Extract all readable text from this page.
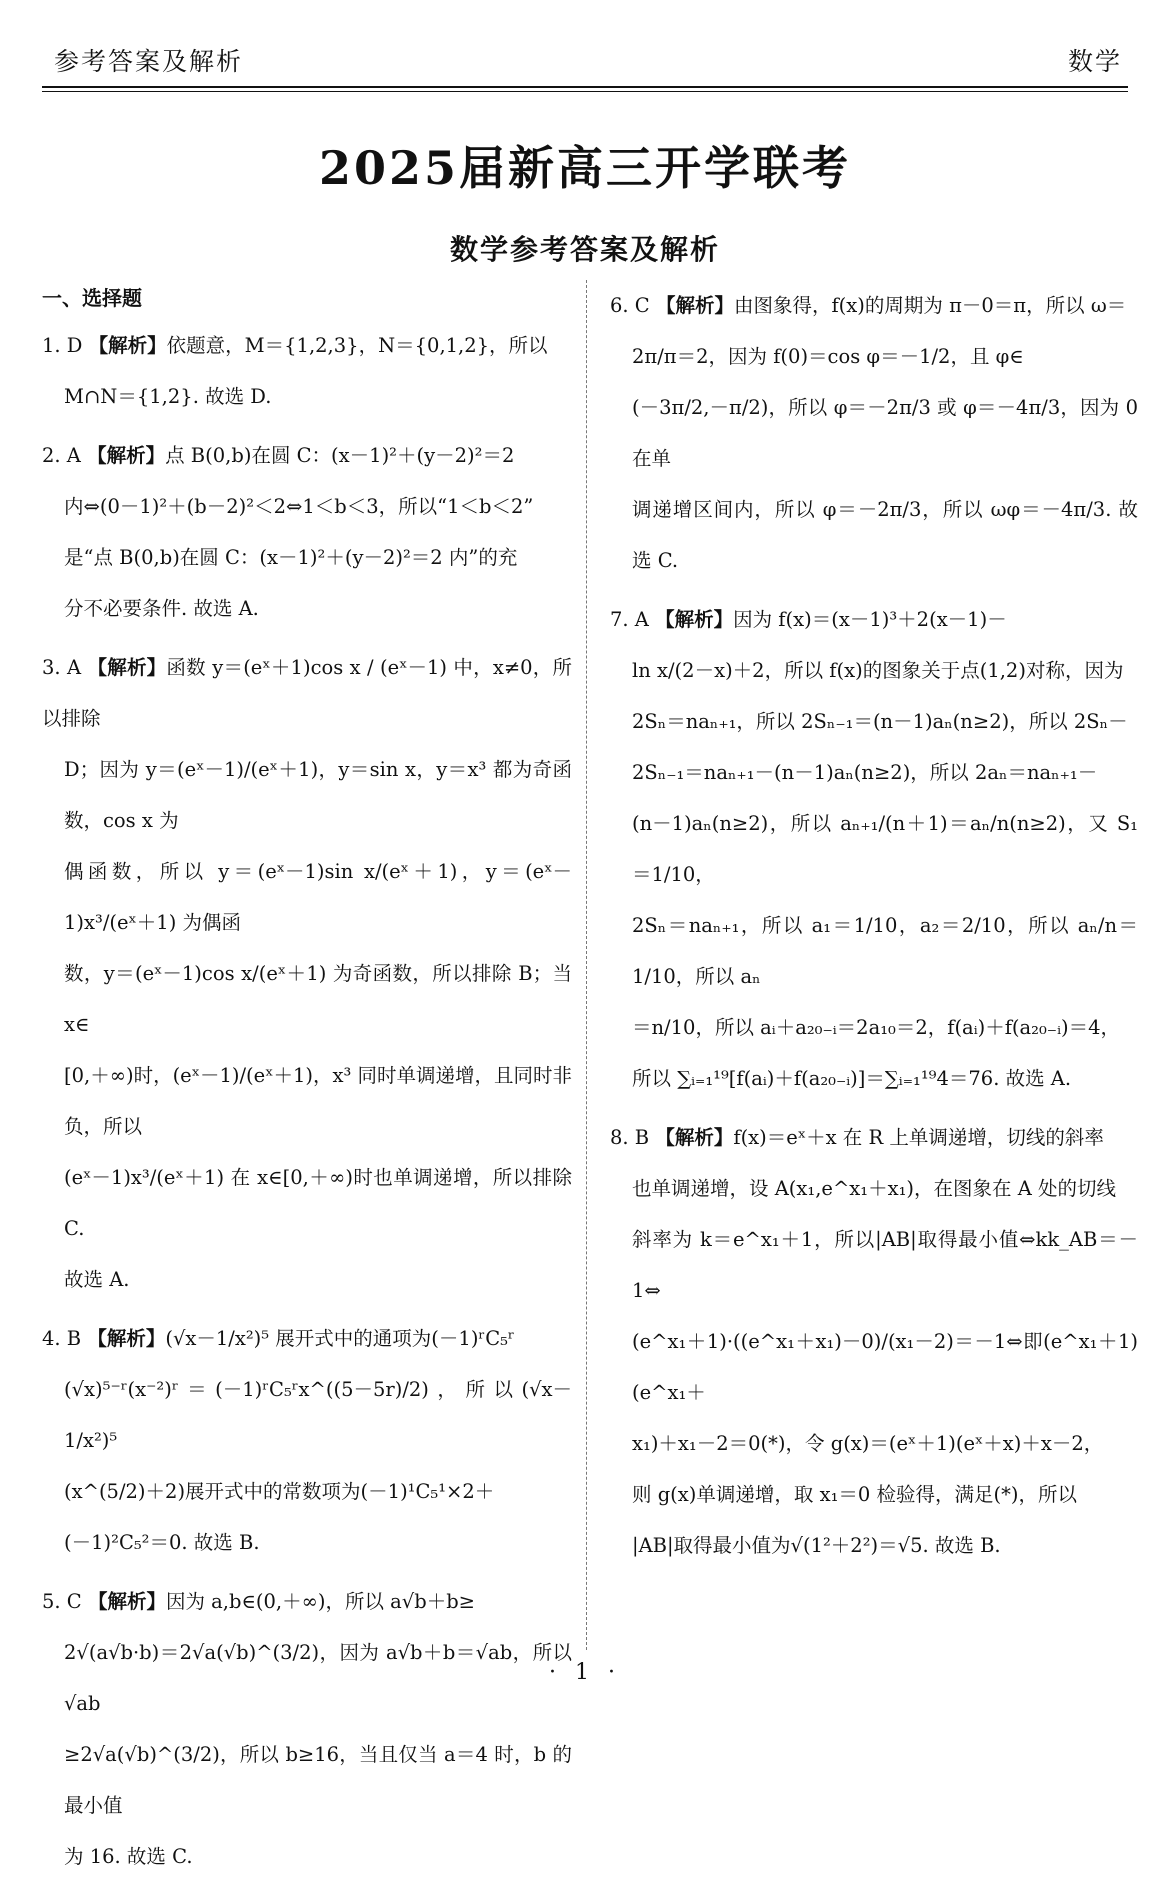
参考答案及解析	数学
2025届新高三开学联考
数学参考答案及解析
一、选择题

1. D 【解析】依题意，M＝{1,2,3}，N＝{0,1,2}，所以

M∩N＝{1,2}. 故选 D.

2. A 【解析】点 B(0,b)在圆 C：(x－1)²＋(y－2)²＝2

内⇔(0－1)²＋(b－2)²＜2⇔1＜b＜3，所以“1＜b＜2”

是“点 B(0,b)在圆 C：(x－1)²＋(y－2)²＝2 内”的充

分不必要条件. 故选 A.

3. A 【解析】函数 y＝(eˣ＋1)cos x / (eˣ－1) 中，x≠0，所以排除

D；因为 y＝(eˣ－1)/(eˣ＋1)，y＝sin x，y＝x³ 都为奇函数，cos x 为

偶函数，所以 y＝(eˣ－1)sin x/(eˣ＋1)，y＝(eˣ－1)x³/(eˣ＋1) 为偶函

数，y＝(eˣ－1)cos x/(eˣ＋1) 为奇函数，所以排除 B；当 x∈

[0,＋∞)时，(eˣ－1)/(eˣ＋1)，x³ 同时单调递增，且同时非负，所以

(eˣ－1)x³/(eˣ＋1) 在 x∈[0,＋∞)时也单调递增，所以排除 C.

故选 A.

4. B 【解析】(√x－1/x²)⁵ 展开式中的通项为(－1)ʳC₅ʳ

(√x)⁵⁻ʳ(x⁻²)ʳ＝(－1)ʳC₅ʳx^((5－5r)/2)，所以(√x－1/x²)⁵

(x^(5/2)＋2)展开式中的常数项为(－1)¹C₅¹×2＋

(－1)²C₅²＝0. 故选 B.

5. C 【解析】因为 a,b∈(0,＋∞)，所以 a√b＋b≥

2√(a√b·b)＝2√a(√b)^(3/2)，因为 a√b＋b＝√ab，所以√ab

≥2√a(√b)^(3/2)，所以 b≥16，当且仅当 a＝4 时，b 的最小值

为 16. 故选 C.

6. C 【解析】由图象得，f(x)的周期为 π－0＝π，所以 ω＝

2π/π＝2，因为 f(0)＝cos φ＝－1/2，且 φ∈

(－3π/2,－π/2)，所以 φ＝－2π/3 或 φ＝－4π/3，因为 0 在单

调递增区间内，所以 φ＝－2π/3，所以 ωφ＝－4π/3. 故选 C.

7. A 【解析】因为 f(x)＝(x－1)³＋2(x－1)－

ln x/(2－x)＋2，所以 f(x)的图象关于点(1,2)对称，因为

2Sₙ＝naₙ₊₁，所以 2Sₙ₋₁＝(n－1)aₙ(n≥2)，所以 2Sₙ－

2Sₙ₋₁＝naₙ₊₁－(n－1)aₙ(n≥2)，所以 2aₙ＝naₙ₊₁－

(n－1)aₙ(n≥2)，所以 aₙ₊₁/(n＋1)＝aₙ/n(n≥2)，又 S₁＝1/10，

2Sₙ＝naₙ₊₁，所以 a₁＝1/10，a₂＝2/10，所以 aₙ/n＝1/10，所以 aₙ

＝n/10，所以 aᵢ＋a₂₀₋ᵢ＝2a₁₀＝2，f(aᵢ)＋f(a₂₀₋ᵢ)＝4，

所以 ∑ᵢ₌₁¹⁹[f(aᵢ)＋f(a₂₀₋ᵢ)]＝∑ᵢ₌₁¹⁹4＝76. 故选 A.

8. B 【解析】f(x)＝eˣ＋x 在 R 上单调递增，切线的斜率

也单调递增，设 A(x₁,e^x₁＋x₁)，在图象在 A 处的切线

斜率为 k＝e^x₁＋1，所以|AB|取得最小值⇔kk_AB＝－1⇔

(e^x₁＋1)·((e^x₁＋x₁)－0)/(x₁－2)＝－1⇔即(e^x₁＋1)(e^x₁＋

x₁)＋x₁－2＝0(*)，令 g(x)＝(eˣ＋1)(eˣ＋x)＋x－2，

则 g(x)单调递增，取 x₁＝0 检验得，满足(*)，所以

|AB|取得最小值为√(1²＋2²)＝√5. 故选 B.

· 1 ·
